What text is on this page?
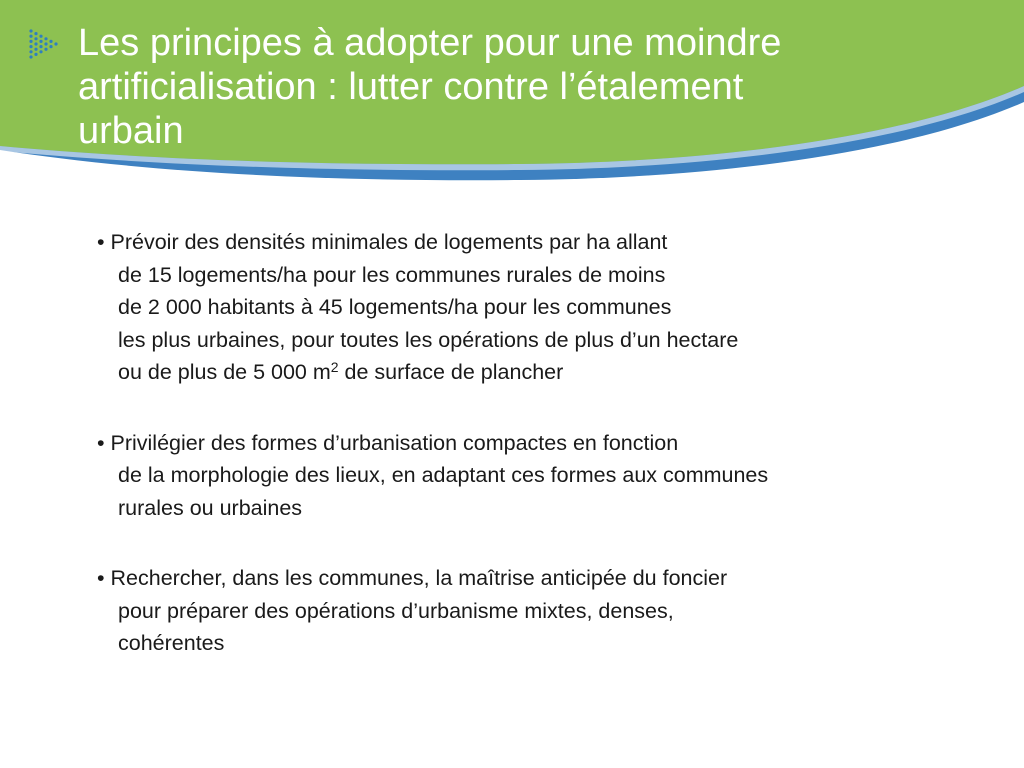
Les principes à adopter pour une moindre
artificialisation : lutter contre l’étalement
urbain

• Prévoir des densités minimales de logements par ha allant
de 15 logements/ha pour les communes rurales de moins
de 2 000 habitants à 45 logements/ha pour les communes
les plus urbaines, pour toutes les opérations de plus d’un hectare
ou de plus de 5 000 $m^2$ de surface de plancher

• Privilégier des formes d’urbanisation compactes en fonction
de la morphologie des lieux, en adaptant ces formes aux communes
rurales ou urbaines

• Rechercher, dans les communes, la maîtrise anticipée du foncier
pour préparer des opérations d’urbanisme mixtes, denses,
cohérentes
